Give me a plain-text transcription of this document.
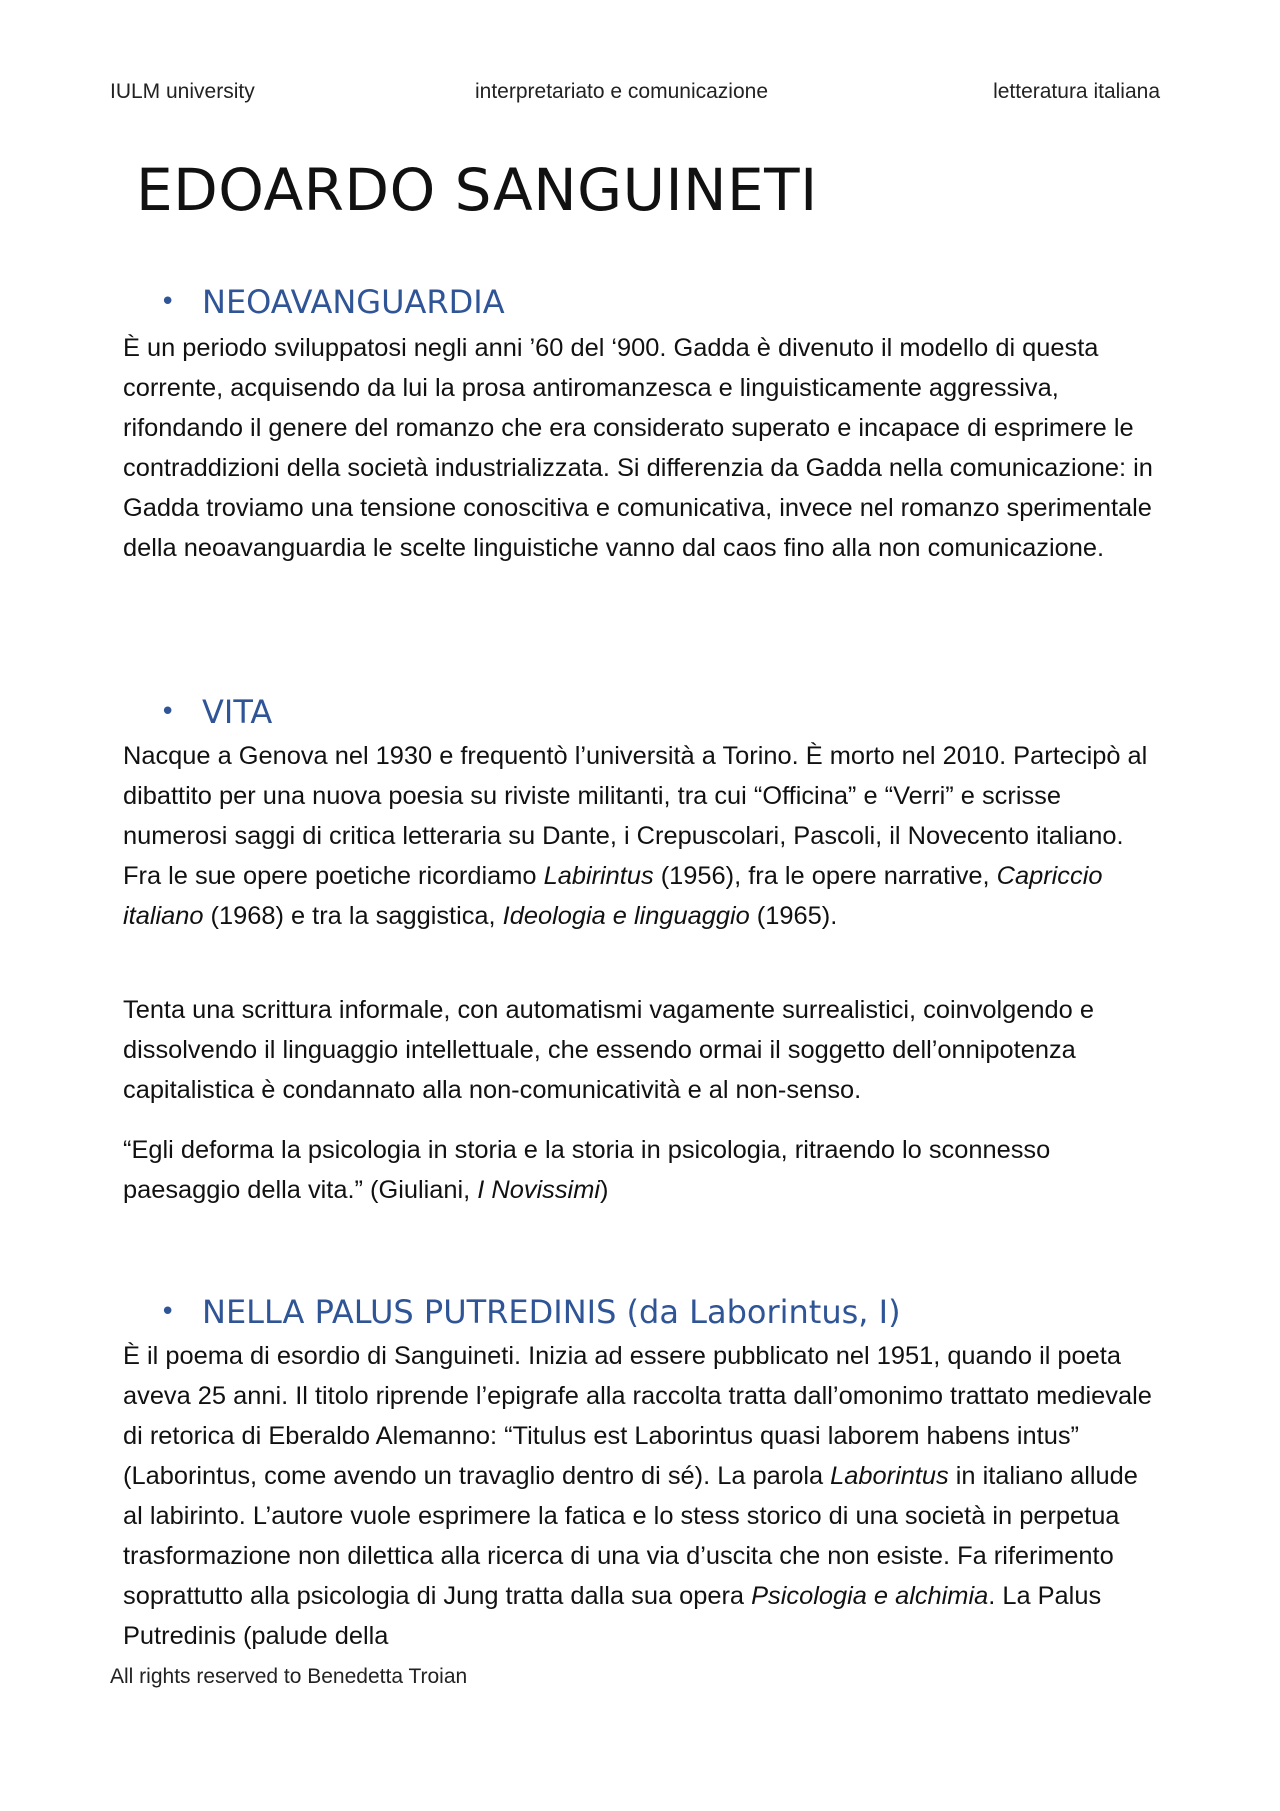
IULM university	interpretariato e comunicazione	letteratura italiana
EDOARDO SANGUINETI
• NEOAVANGUARDIA

È un periodo sviluppatosi negli anni ’60 del ‘900. Gadda è divenuto il modello di questa corrente, acquisendo da lui la prosa antiromanzesca e linguisticamente aggressiva, rifondando il genere del romanzo che era considerato superato e incapace di esprimere le contraddizioni della società industrializzata. Si differenzia da Gadda nella comunicazione: in Gadda troviamo una tensione conoscitiva e comunicativa, invece nel romanzo sperimentale della neoavanguardia le scelte linguistiche vanno dal caos fino alla non comunicazione.

• VITA

Nacque a Genova nel 1930 e frequentò l’università a Torino. È morto nel 2010. Partecipò al dibattito per una nuova poesia su riviste militanti, tra cui “Officina” e “Verri” e scrisse numerosi saggi di critica letteraria su Dante, i Crepuscolari, Pascoli, il Novecento italiano. Fra le sue opere poetiche ricordiamo Labirintus (1956), fra le opere narrative, Capriccio italiano (1968) e tra la saggistica, Ideologia e linguaggio (1965).

Tenta una scrittura informale, con automatismi vagamente surrealistici, coinvolgendo e dissolvendo il linguaggio intellettuale, che essendo ormai il soggetto dell’onnipotenza capitalistica è condannato alla non-comunicatività e al non-senso.

“Egli deforma la psicologia in storia e la storia in psicologia, ritraendo lo sconnesso paesaggio della vita.” (Giuliani, I Novissimi)

• NELLA PALUS PUTREDINIS (da Laborintus, I)

È il poema di esordio di Sanguineti. Inizia ad essere pubblicato nel 1951, quando il poeta aveva 25 anni. Il titolo riprende l’epigrafe alla raccolta tratta dall’omonimo trattato medievale di retorica di Eberaldo Alemanno: “Titulus est Laborintus quasi laborem habens intus” (Laborintus, come avendo un travaglio dentro di sé). La parola Laborintus in italiano allude al labirinto. L’autore vuole esprimere la fatica e lo stess storico di una società in perpetua trasformazione non dilettica alla ricerca di una via d’uscita che non esiste. Fa riferimento soprattutto alla psicologia di Jung tratta dalla sua opera Psicologia e alchimia. La Palus Putredinis (palude della

All rights reserved to Benedetta Troian
